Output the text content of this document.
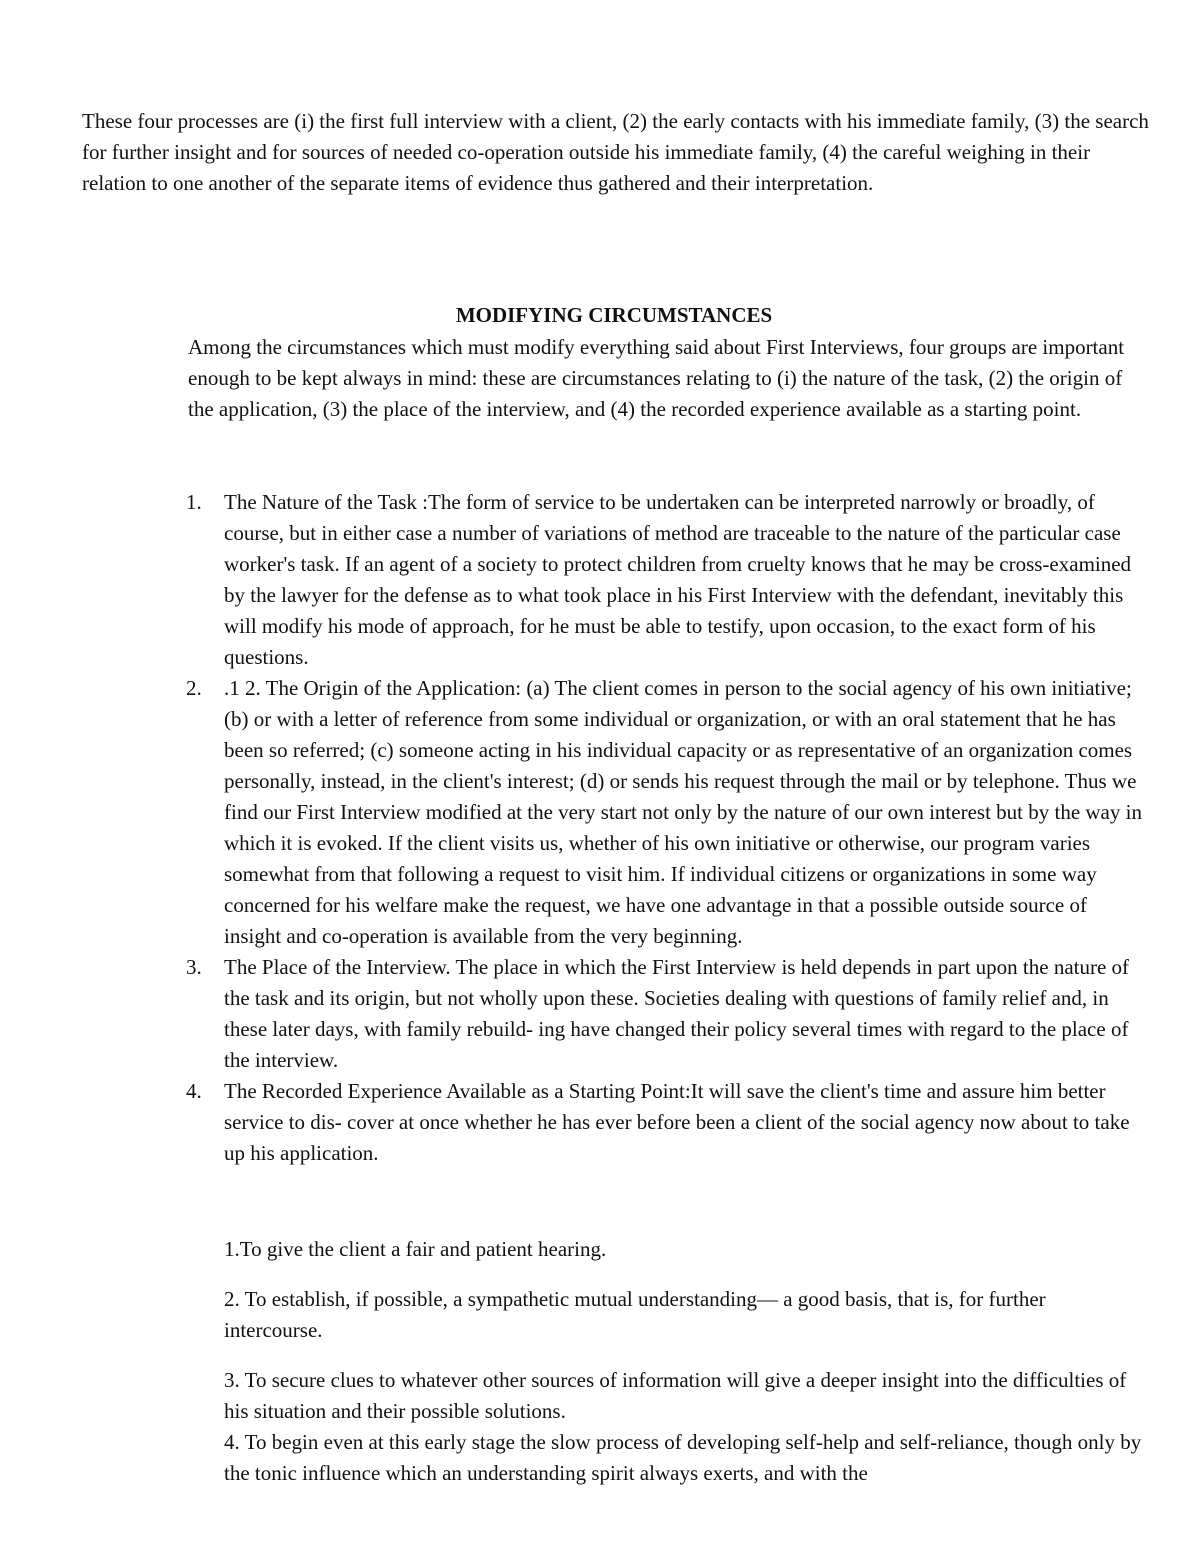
These four processes are (i) the first full interview with a client, (2) the early contacts with his immediate family, (3) the search for further insight and for sources of needed co-operation outside his immediate family, (4) the careful weighing in their relation to one another of the separate items of evidence thus gathered and their interpretation.

MODIFYING CIRCUMSTANCES

Among the circumstances which must modify everything said about First Interviews, four groups are important enough to be kept always in mind: these are circumstances relating to (i) the nature of the task, (2) the origin of the application, (3) the place of the interview, and (4) the recorded experience available as a starting point.

1. The Nature of the Task :The form of service to be undertaken can be interpreted narrowly or broadly, of course, but in either case a number of variations of method are traceable to the nature of the particular case worker's task. If an agent of a society to protect children from cruelty knows that he may be cross-examined by the lawyer for the defense as to what took place in his First Interview with the defendant, inevitably this will modify his mode of approach, for he must be able to testify, upon occasion, to the exact form of his questions.
2. .1 2. The Origin of the Application: (a) The client comes in person to the social agency of his own initiative; (b) or with a letter of reference from some individual or organization, or with an oral statement that he has been so referred; (c) someone acting in his individual capacity or as representative of an organization comes personally, instead, in the client's interest; (d) or sends his request through the mail or by telephone. Thus we find our First Interview modified at the very start not only by the nature of our own interest but by the way in which it is evoked. If the client visits us, whether of his own initiative or otherwise, our program varies somewhat from that following a request to visit him. If individual citizens or organizations in some way concerned for his welfare make the request, we have one advantage in that a possible outside source of insight and co-operation is available from the very beginning.
3. The Place of the Interview. The place in which the First Interview is held depends in part upon the nature of the task and its origin, but not wholly upon these. Societies dealing with questions of family relief and, in these later days, with family rebuild- ing have changed their policy several times with regard to the place of the interview.
4. The Recorded Experience Available as a Starting Point:It will save the client's time and assure him better service to dis- cover at once whether he has ever before been a client of the social agency now about to take up his application.

1.To give the client a fair and patient hearing.

2. To establish, if possible, a sympathetic mutual understanding— a good basis, that is, for further intercourse.

3. To secure clues to whatever other sources of information will give a deeper insight into the difficulties of his situation and their possible solutions.

4. To begin even at this early stage the slow process of developing self-help and self-reliance, though only by the tonic influence which an understanding spirit always exerts, and with the
